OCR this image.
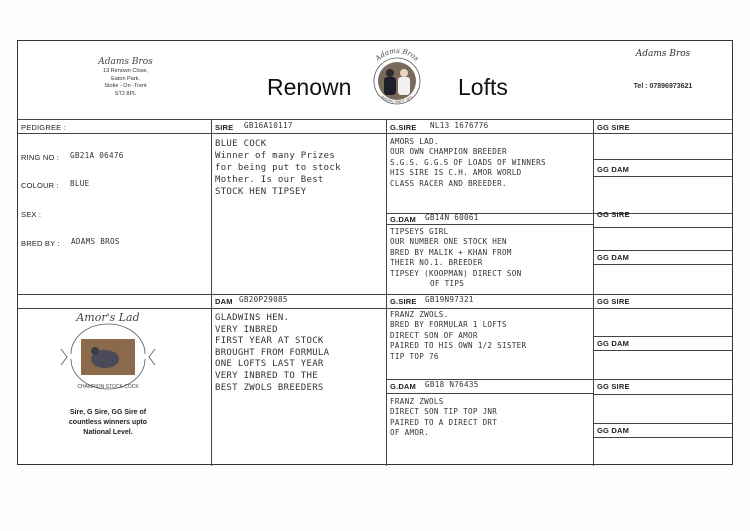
Adams Bros
13 Renown Close,
Eaton Park,
Stoke - On -Trent
ST2 8PL	Renown
Adams Bros
RACING SINCE 1970 Lofts
Adams Bros
Tel : 07896973621
PEDIGREE :
RING NO : GB21A 06476
COLOUR : BLUE
SEX :
BRED BY : ADAMS BROS
Amor's Lad
CHAMPION STOCK COCK
Sire, G Sire, GG Sire of
countless winners upto
National Level.
SIRE GB16A10117
BLUE COCK
Winner of many Prizes
for being put to stock
Mother. Is our Best
STOCK HEN TIPSEY
DAM GB20P29085
GLADWINS HEN.
VERY INBRED
FIRST YEAR AT STOCK
BROUGHT FROM FORMULA
ONE LOFTS LAST YEAR
VERY INBRED TO THE
BEST ZWOLS BREEDERS
G.SIRE NL13 1676776
AMORS LAD.
OUR OWN CHAMPION BREEDER
S.G.S. G.G.S OF LOADS OF WINNERS
HIS SIRE IS C.H. AMOR WORLD
CLASS RACER AND BREEDER.
G.DAM GB14N 60061
TIPSEYS GIRL
OUR NUMBER ONE STOCK HEN
BRED BY MALIK + KHAN FROM
THEIR NO.1. BREEDER
TIPSEY (KOOPMAN) DIRECT SON
OF TIPS
G.SIRE GB19N97321
FRANZ ZWOLS.
BRED BY FORMULAR 1 LOFTS
DIRECT SON OF AMOR
PAIRED TO HIS OWN 1/2 SISTER
TIP TOP 76
G.DAM GB18 N76435
FRANZ ZWOLS
DIRECT SON TIP TOP JNR
PAIRED TO A DIRECT DRT
OF AMOR.
GG SIRE
GG DAM
GG SIRE
GG DAM
GG SIRE
GG DAM
GG SIRE
GG DAM
